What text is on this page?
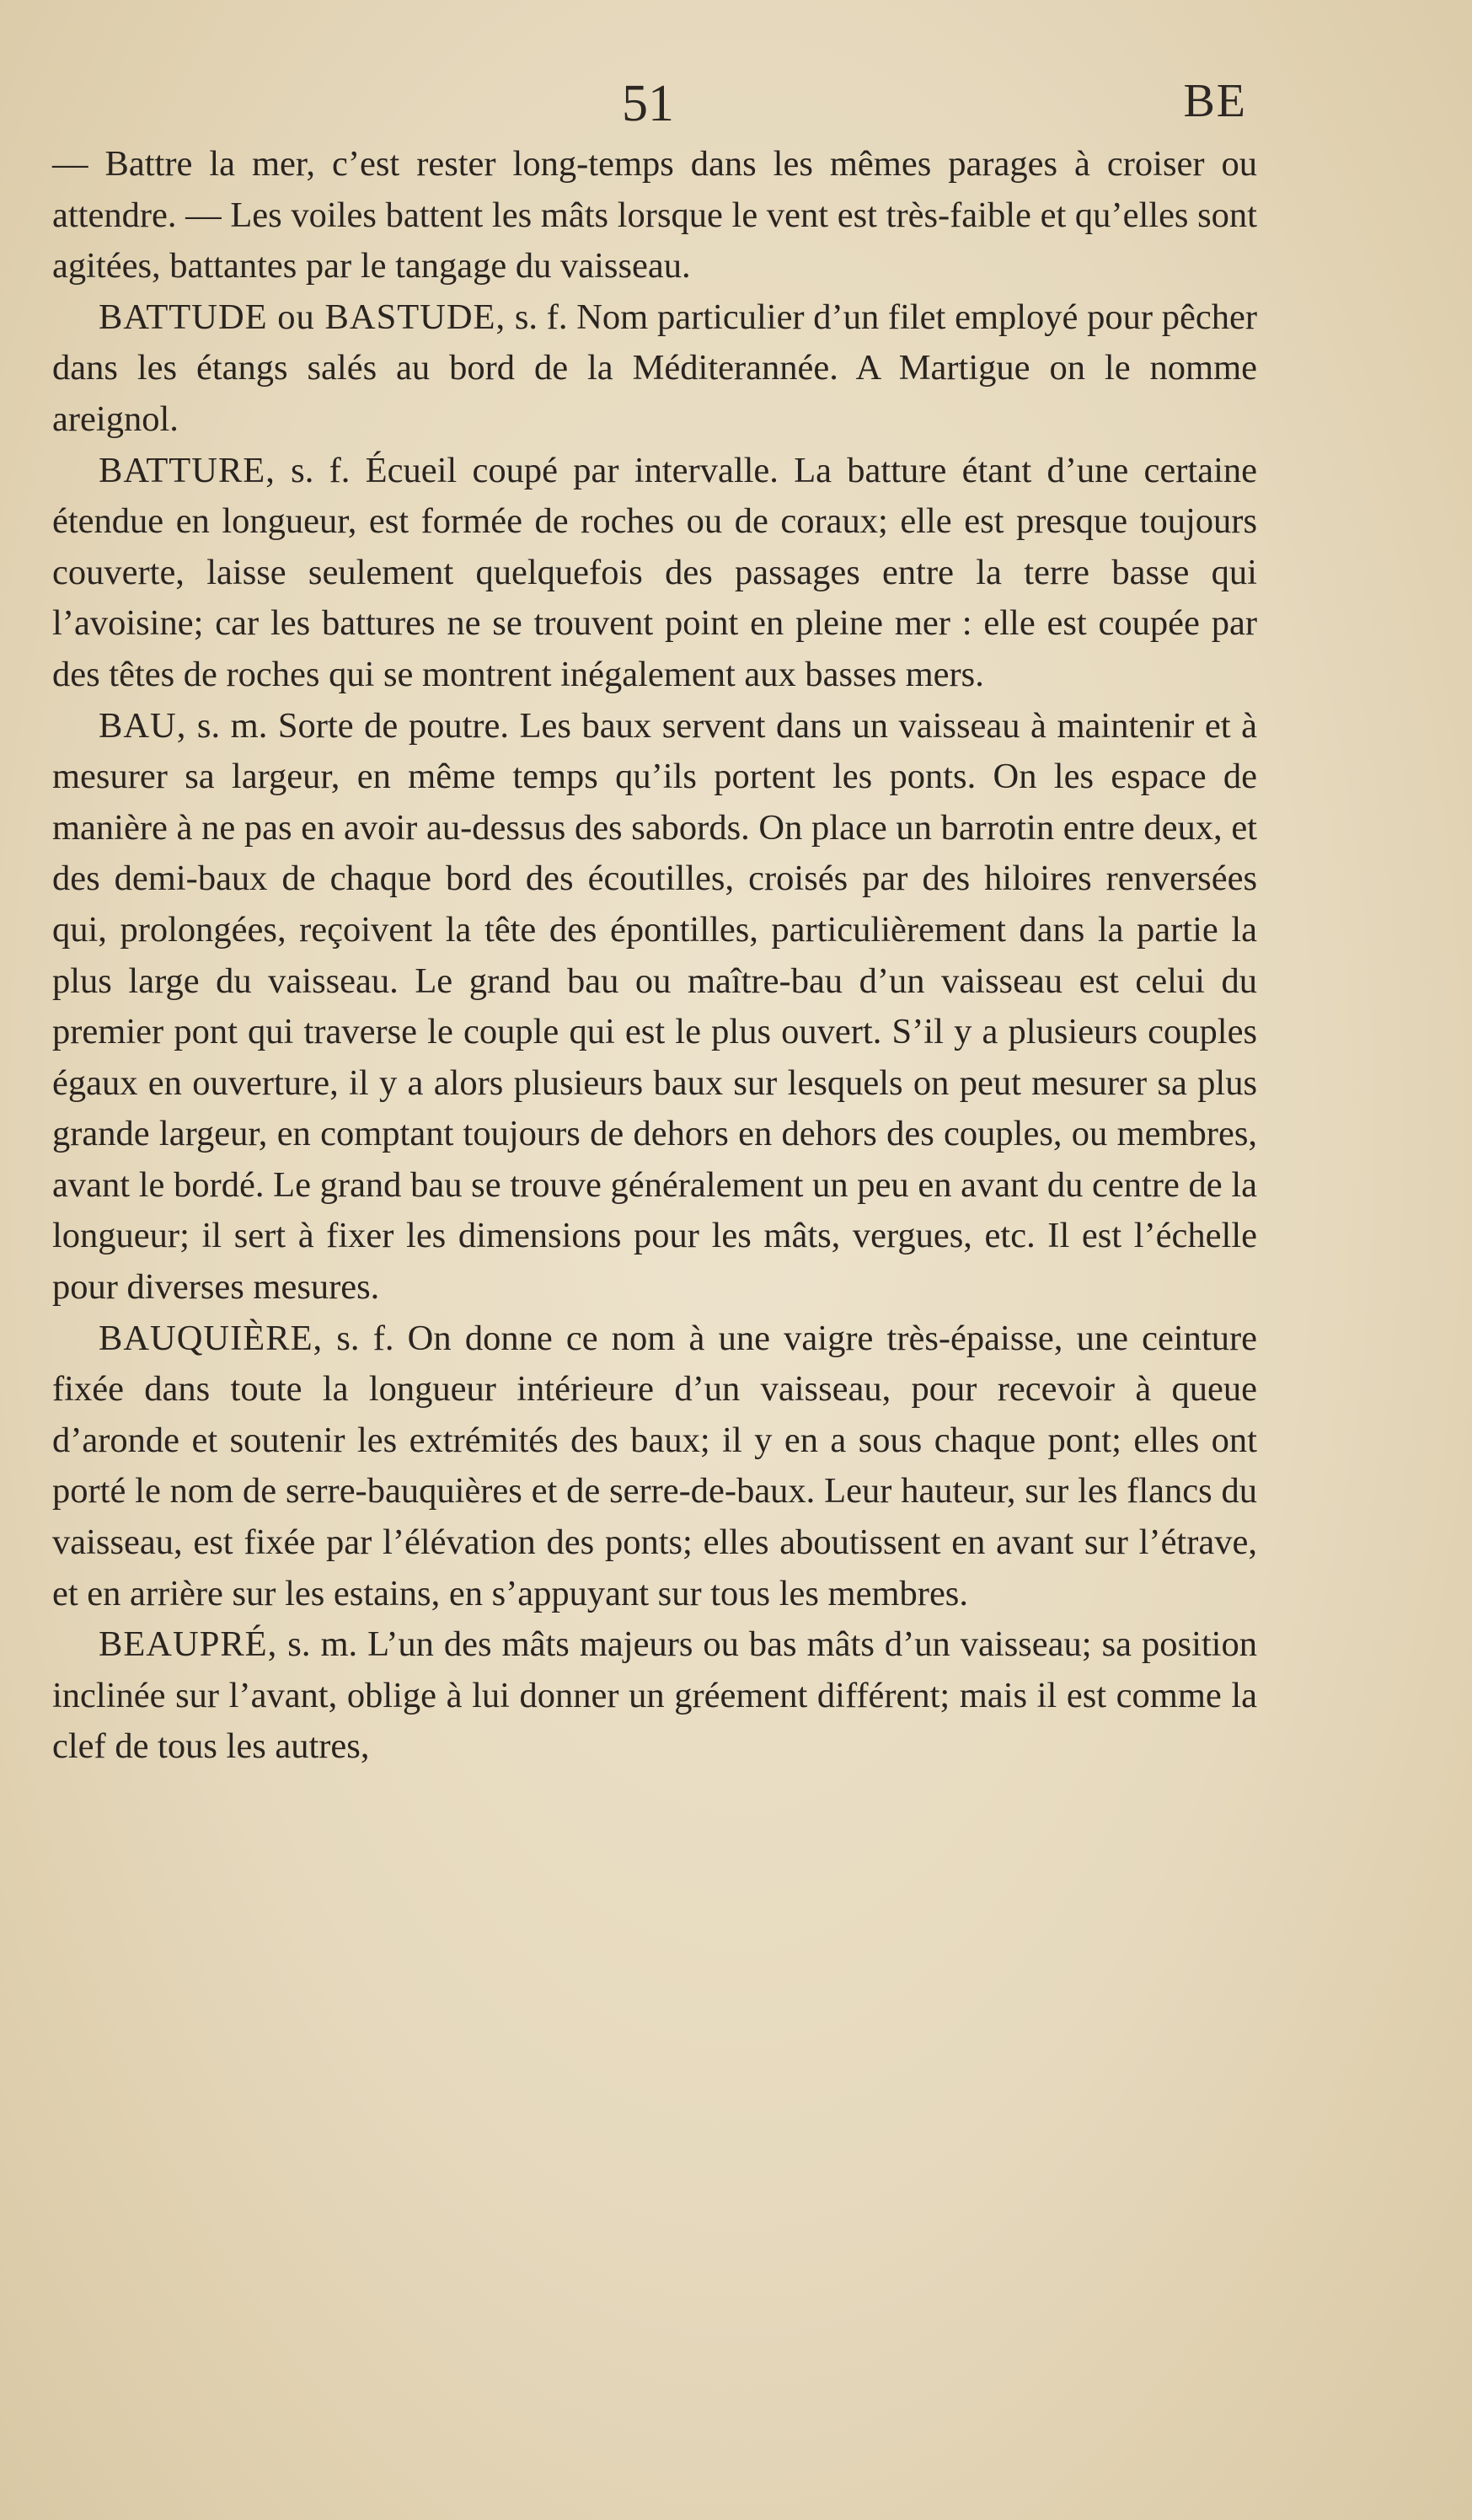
51	BE

— Battre la mer, c’est rester long-temps dans les mêmes parages à croiser ou attendre. — Les voiles battent les mâts lorsque le vent est très-faible et qu’elles sont agitées, battantes par le tangage du vaisseau.

BATTUDE ou BASTUDE, s. f. Nom particulier d’un filet employé pour pêcher dans les étangs salés au bord de la Méditerannée. A Martigue on le nomme areignol.

BATTURE, s. f. Écueil coupé par intervalle. La batture étant d’une certaine étendue en longueur, est formée de roches ou de coraux; elle est presque toujours couverte, laisse seulement quelquefois des passages entre la terre basse qui l’avoisine; car les battures ne se trouvent point en pleine mer : elle est coupée par des têtes de roches qui se montrent inégalement aux basses mers.

BAU, s. m. Sorte de poutre. Les baux servent dans un vaisseau à maintenir et à mesurer sa largeur, en même temps qu’ils portent les ponts. On les espace de manière à ne pas en avoir au-dessus des sabords. On place un barrotin entre deux, et des demi-baux de chaque bord des écoutilles, croisés par des hiloires renversées qui, prolongées, reçoivent la tête des épontilles, particulièrement dans la partie la plus large du vaisseau. Le grand bau ou maître-bau d’un vaisseau est celui du premier pont qui traverse le couple qui est le plus ouvert. S’il y a plusieurs couples égaux en ouverture, il y a alors plusieurs baux sur lesquels on peut mesurer sa plus grande largeur, en comptant toujours de dehors en dehors des couples, ou membres, avant le bordé. Le grand bau se trouve généralement un peu en avant du centre de la longueur; il sert à fixer les dimensions pour les mâts, vergues, etc. Il est l’échelle pour diverses mesures.

BAUQUIÈRE, s. f. On donne ce nom à une vaigre très-épaisse, une ceinture fixée dans toute la longueur intérieure d’un vaisseau, pour recevoir à queue d’aronde et soutenir les extrémités des baux; il y en a sous chaque pont; elles ont porté le nom de serre-bauquières et de serre-de-baux. Leur hauteur, sur les flancs du vaisseau, est fixée par l’élévation des ponts; elles aboutissent en avant sur l’étrave, et en arrière sur les estains, en s’appuyant sur tous les membres.

BEAUPRÉ, s. m. L’un des mâts majeurs ou bas mâts d’un vaisseau; sa position inclinée sur l’avant, oblige à lui donner un gréement différent; mais il est comme la clef de tous les autres,
